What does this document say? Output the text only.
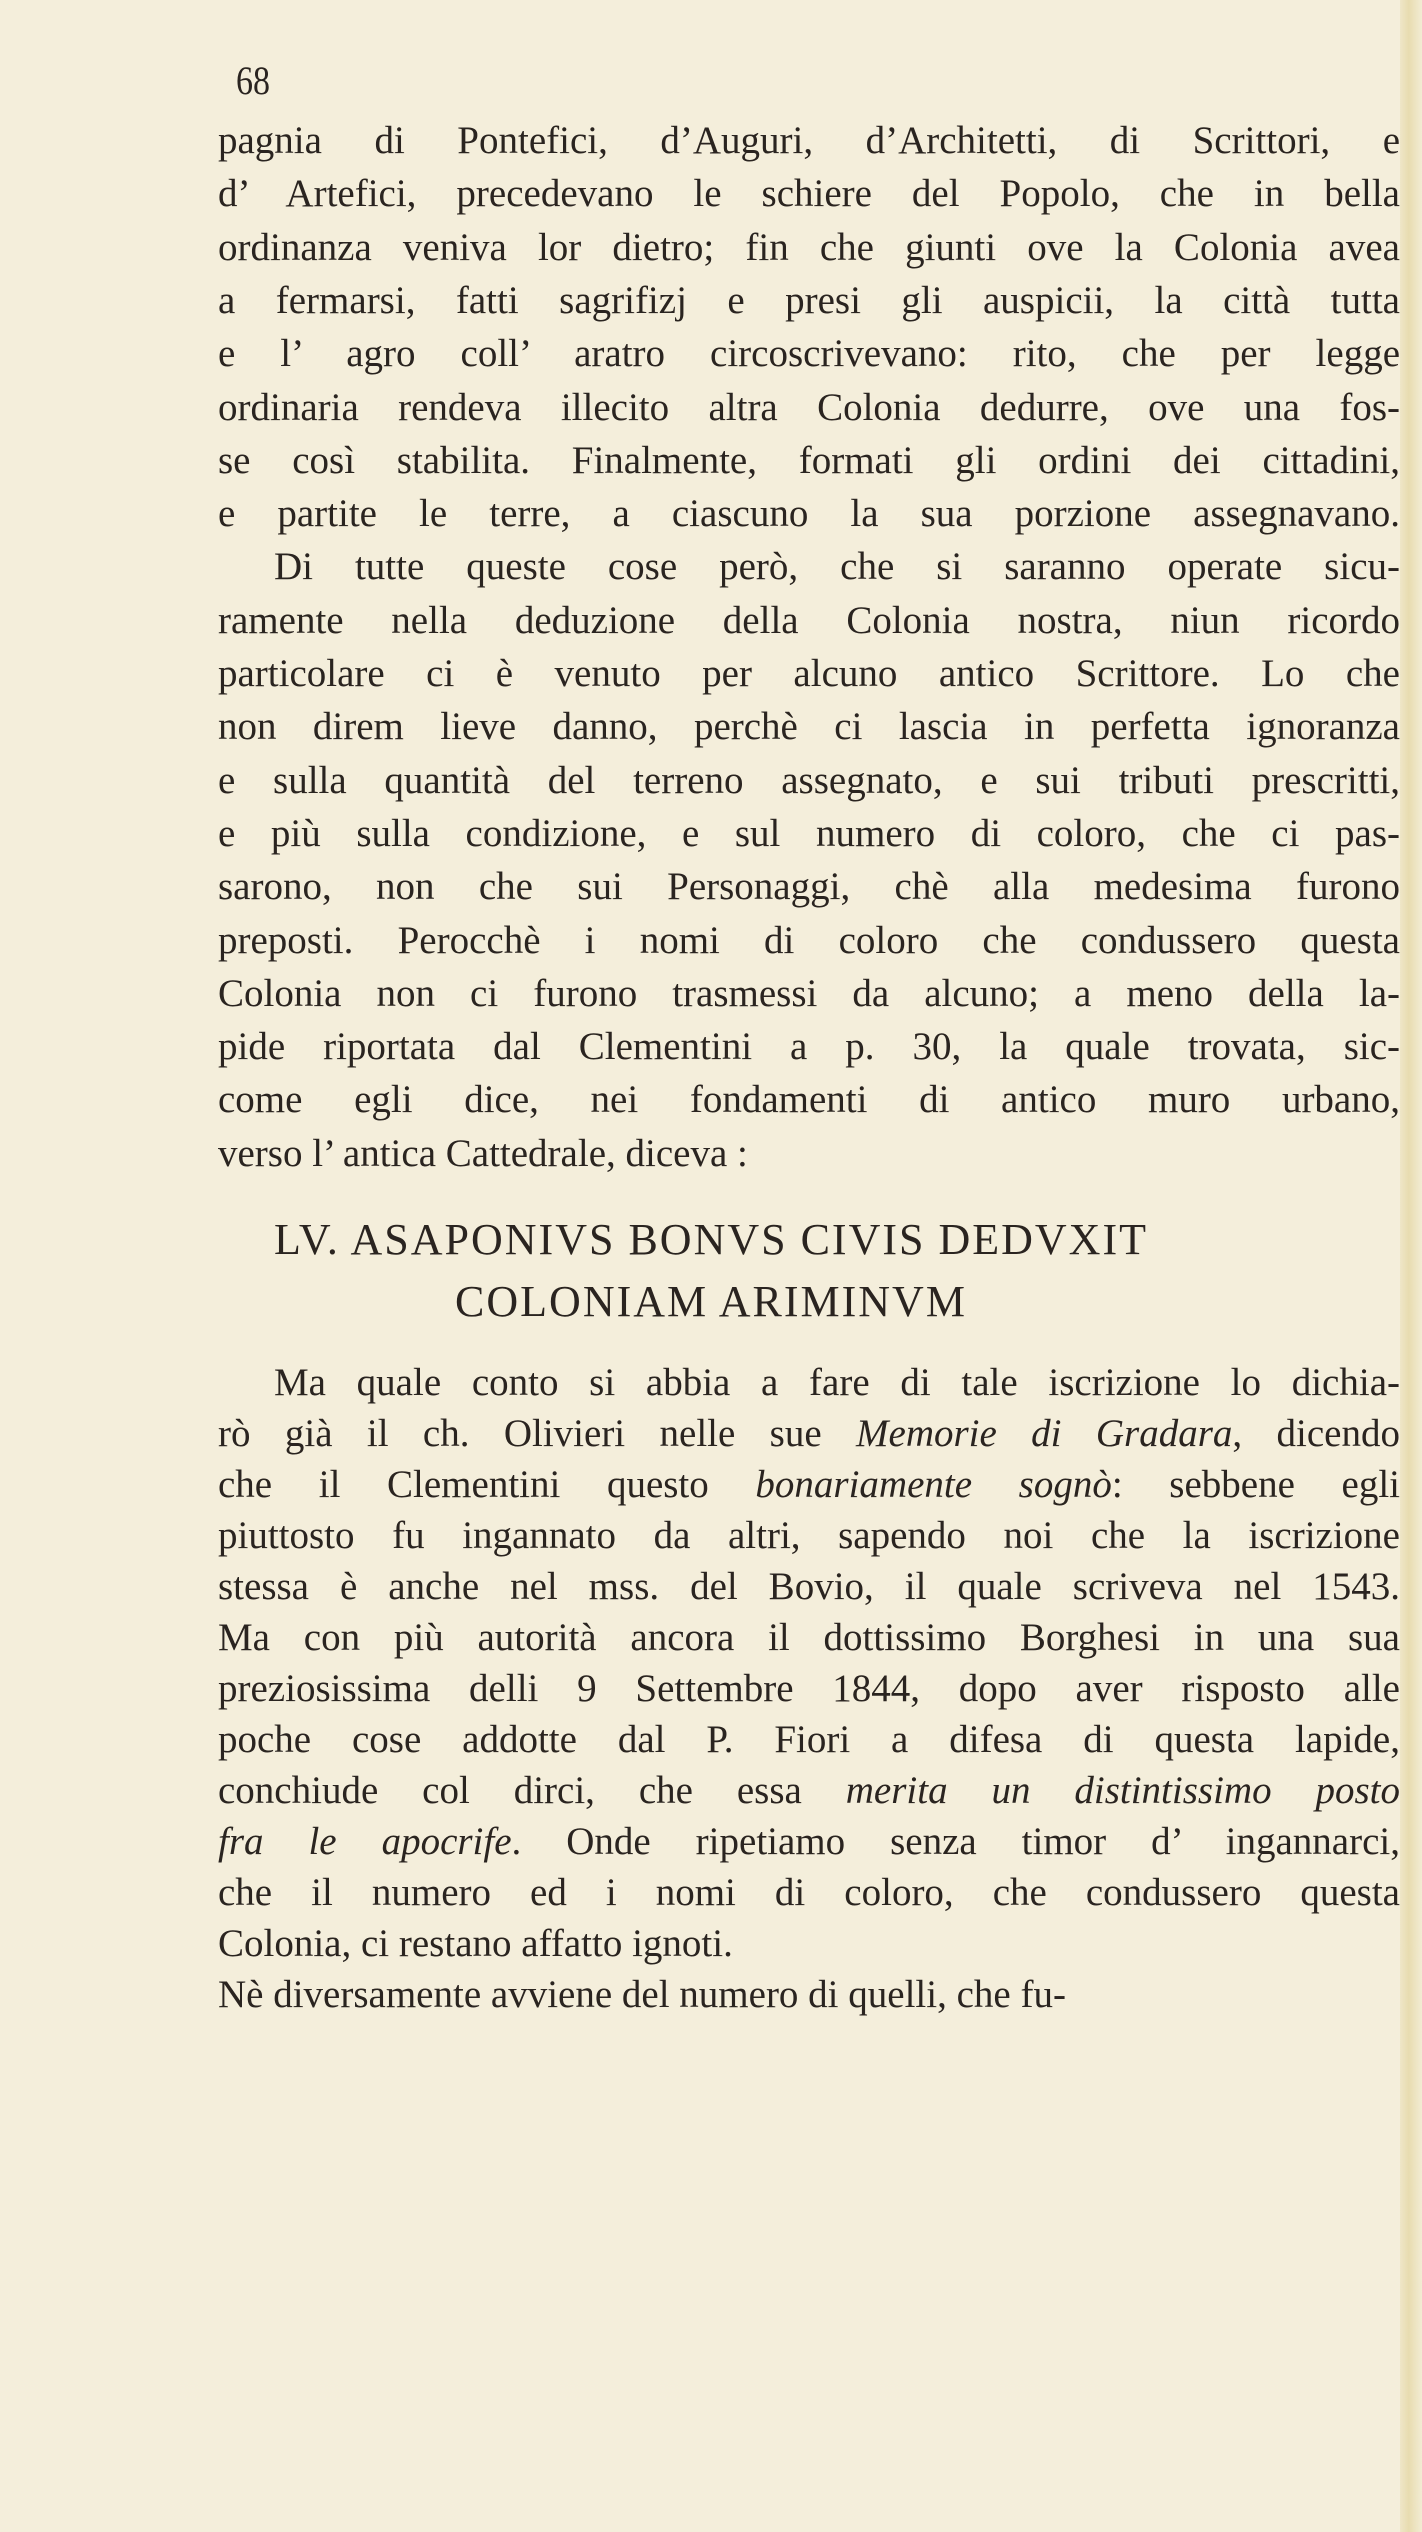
68
pagnia di Pontefici, d’Auguri, d’Architetti, di Scrittori, e
d’ Artefici, precedevano le schiere del Popolo, che in bella
ordinanza veniva lor dietro; fin che giunti ove la Colonia avea
a fermarsi, fatti sagrifizj e presi gli auspicii, la città tutta
e l’ agro coll’ aratro circoscrivevano: rito, che per legge
ordinaria rendeva illecito altra Colonia dedurre, ove una fos-
se così stabilita. Finalmente, formati gli ordini dei cittadini,
e partite le terre, a ciascuno la sua porzione assegnavano.
Di tutte queste cose però, che si saranno operate sicu-
ramente nella deduzione della Colonia nostra, niun ricordo
particolare ci è venuto per alcuno antico Scrittore. Lo che
non direm lieve danno, perchè ci lascia in perfetta ignoranza
e sulla quantità del terreno assegnato, e sui tributi prescritti,
e più sulla condizione, e sul numero di coloro, che ci pas-
sarono, non che sui Personaggi, chè alla medesima furono
preposti. Perocchè i nomi di coloro che condussero questa
Colonia non ci furono trasmessi da alcuno; a meno della la-
pide riportata dal Clementini a p. 30, la quale trovata, sic-
come egli dice, nei fondamenti di antico muro urbano,
verso l’ antica Cattedrale, diceva :
LV. ASAPONIVS BONVS CIVIS DEDVXIT
COLONIAM ARIMINVM
Ma quale conto si abbia a fare di tale iscrizione lo dichia-
rò già il ch. Olivieri nelle sue Memorie di Gradara, dicendo
che il Clementini questo bonariamente sognò: sebbene egli
piuttosto fu ingannato da altri, sapendo noi che la iscrizione
stessa è anche nel mss. del Bovio, il quale scriveva nel 1543.
Ma con più autorità ancora il dottissimo Borghesi in una sua
preziosissima delli 9 Settembre 1844, dopo aver risposto alle
poche cose addotte dal P. Fiori a difesa di questa lapide,
conchiude col dirci, che essa merita un distintissimo posto
fra le apocrife. Onde ripetiamo senza timor d’ ingannarci,
che il numero ed i nomi di coloro, che condussero questa
Colonia, ci restano affatto ignoti.
Nè diversamente avviene del numero di quelli, che fu-
